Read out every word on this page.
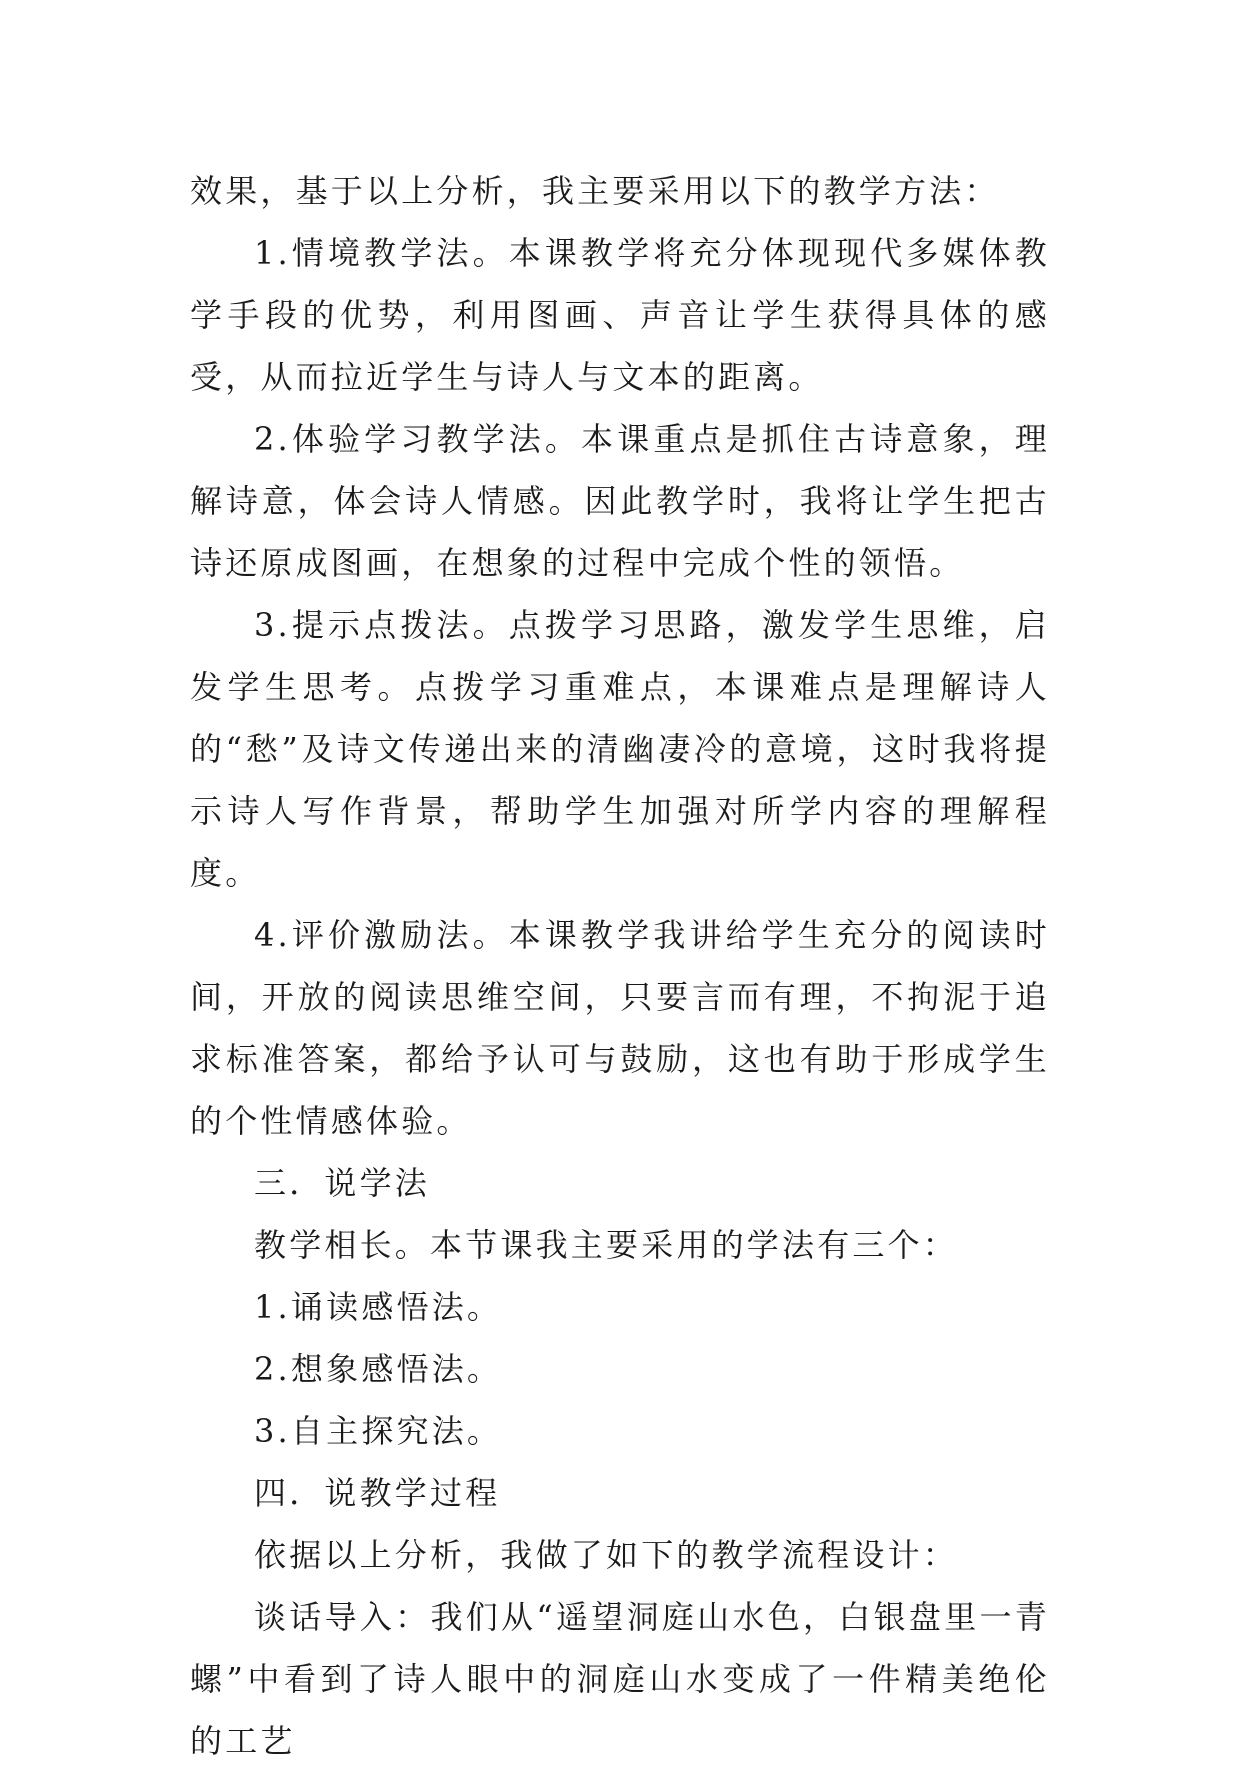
效果，基于以上分析，我主要采用以下的教学方法：

1.情境教学法。本课教学将充分体现现代多媒体教学手段的优势，利用图画、声音让学生获得具体的感受，从而拉近学生与诗人与文本的距离。

2.体验学习教学法。本课重点是抓住古诗意象，理解诗意，体会诗人情感。因此教学时，我将让学生把古诗还原成图画，在想象的过程中完成个性的领悟。

3.提示点拨法。点拨学习思路，激发学生思维，启发学生思考。点拨学习重难点，本课难点是理解诗人的“愁”及诗文传递出来的清幽凄冷的意境，这时我将提示诗人写作背景，帮助学生加强对所学内容的理解程度。

4.评价激励法。本课教学我讲给学生充分的阅读时间，开放的阅读思维空间，只要言而有理，不拘泥于追求标准答案，都给予认可与鼓励，这也有助于形成学生的个性情感体验。

三．说学法

教学相长。本节课我主要采用的学法有三个：

1.诵读感悟法。

2.想象感悟法。

3.自主探究法。

四．说教学过程

依据以上分析，我做了如下的教学流程设计：

谈话导入：我们从“遥望洞庭山水色，白银盘里一青螺”中看到了诗人眼中的洞庭山水变成了一件精美绝伦的工艺
